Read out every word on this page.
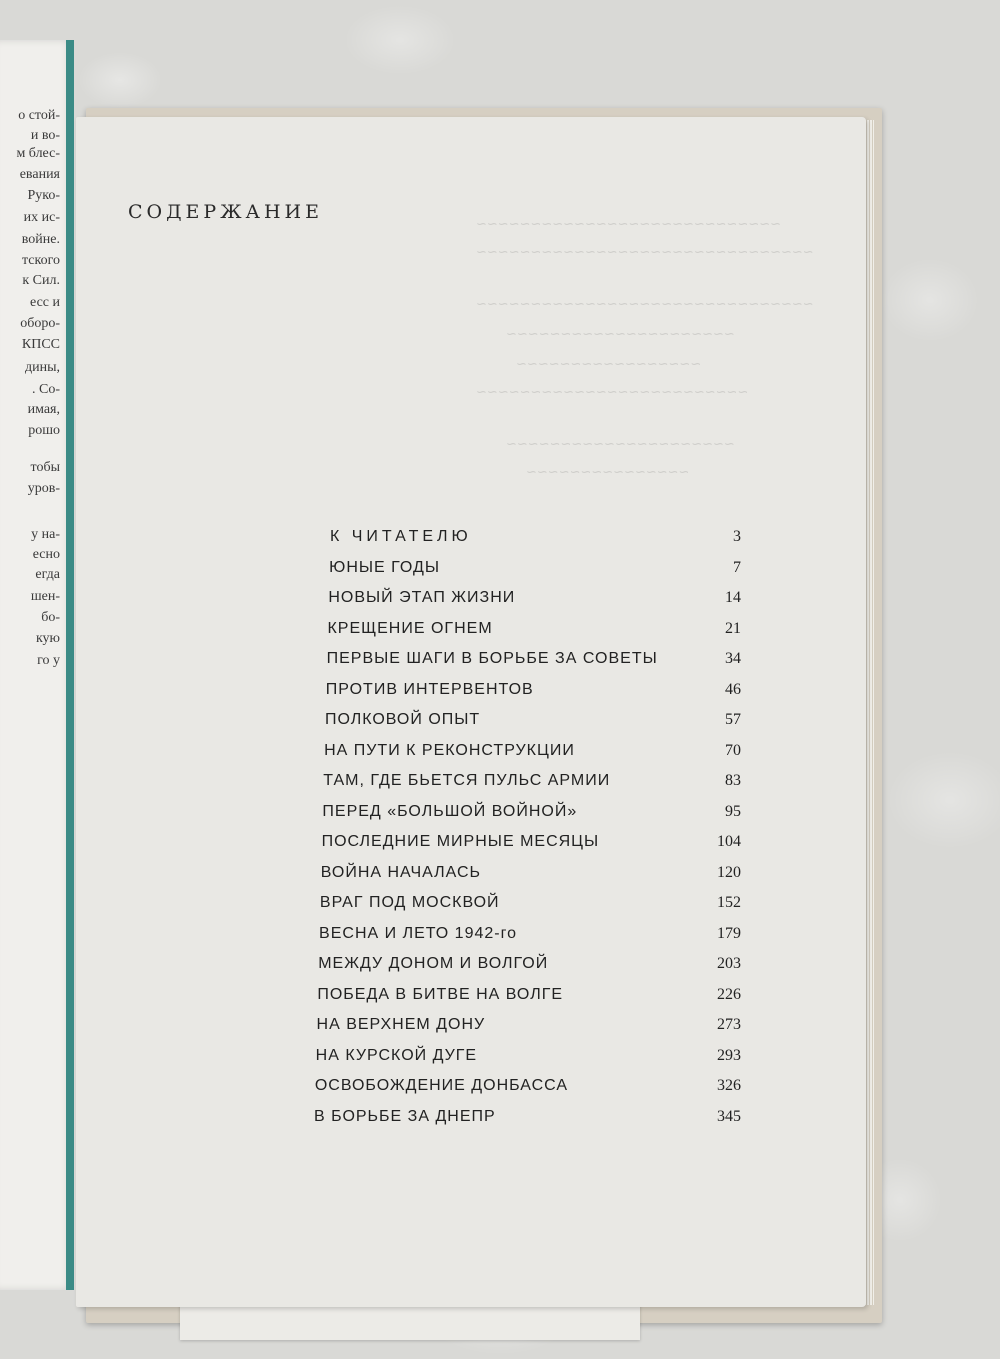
о стой-
и во-
м блес-
евания
Руко-
их ис-
войне.
тского
к Сил.
есс и
оборо-
КПСС
дины,
. Со-
имая,
рошо
тобы
уров-
у на-
есно
егда
шен-
бо-
кую
го у
~~~~~~~~~~~~~~~~~~~~~~~~~~~~
~~~~~~~~~~~~~~~~~~~~~~~~~~~~~~~
~~~~~~~~~~~~~~~~~~~~~~~~~~~~~~~
~~~~~~~~~~~~~~~~~~~~~
~~~~~~~~~~~~~~~~~
~~~~~~~~~~~~~~~~~~~~~~~~~
~~~~~~~~~~~~~~~~~~~~~
~~~~~~~~~~~~~~~
СОДЕРЖАНИЕ
К ЧИТАТЕЛЮ	3
ЮНЫЕ ГОДЫ	7
НОВЫЙ ЭТАП ЖИЗНИ	14
КРЕЩЕНИЕ ОГНЕМ	21
ПЕРВЫЕ ШАГИ В БОРЬБЕ ЗА СОВЕТЫ	34
ПРОТИВ ИНТЕРВЕНТОВ	46
ПОЛКОВОЙ ОПЫТ	57
НА ПУТИ К РЕКОНСТРУКЦИИ	70
ТАМ, ГДЕ БЬЕТСЯ ПУЛЬС АРМИИ	83
ПЕРЕД «БОЛЬШОЙ ВОЙНОЙ»	95
ПОСЛЕДНИЕ МИРНЫЕ МЕСЯЦЫ	104
ВОЙНА НАЧАЛАСЬ	120
ВРАГ ПОД МОСКВОЙ	152
ВЕСНА И ЛЕТО 1942-го	179
МЕЖДУ ДОНОМ И ВОЛГОЙ	203
ПОБЕДА В БИТВЕ НА ВОЛГЕ	226
НА ВЕРХНЕМ ДОНУ	273
НА КУРСКОЙ ДУГЕ	293
ОСВОБОЖДЕНИЕ ДОНБАССА	326
В БОРЬБЕ ЗА ДНЕПР	345
